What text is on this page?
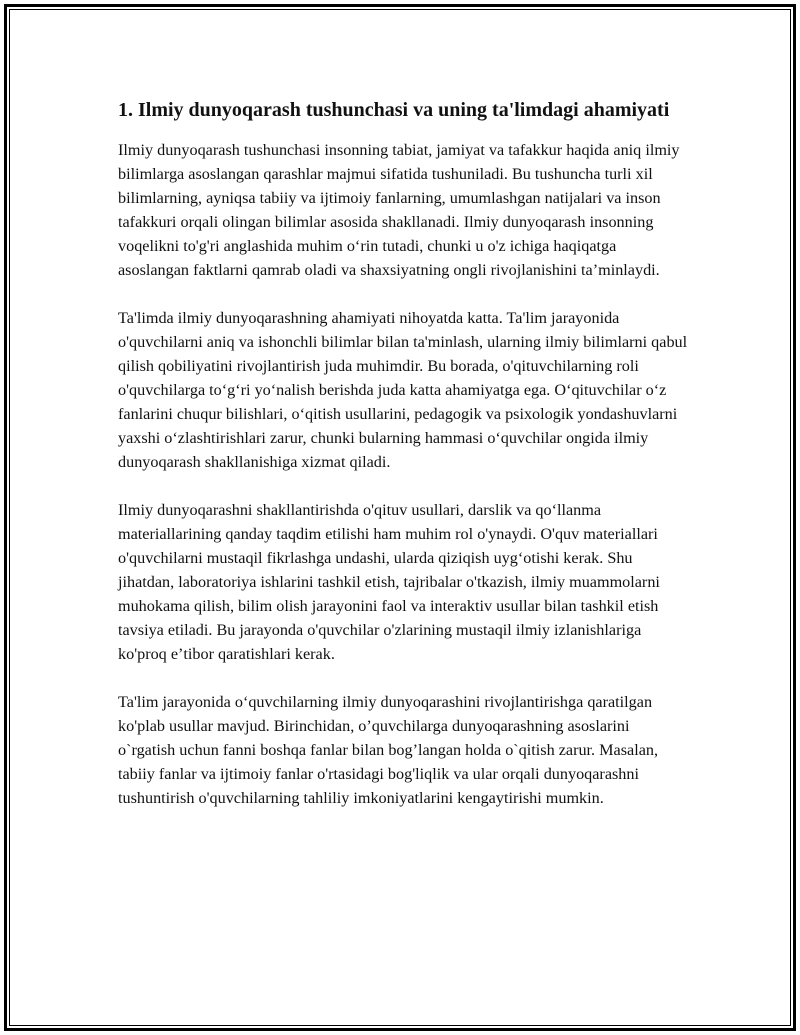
1. Ilmiy dunyoqarash tushunchasi va uning ta'limdagi ahamiyati

Ilmiy dunyoqarash tushunchasi insonning tabiat, jamiyat va tafakkur haqida aniq ilmiy bilimlarga asoslangan qarashlar majmui sifatida tushuniladi. Bu tushuncha turli xil bilimlarning, ayniqsa tabiiy va ijtimoiy fanlarning, umumlashgan natijalari va inson tafakkuri orqali olingan bilimlar asosida shakllanadi. Ilmiy dunyoqarash insonning voqelikni to'g'ri anglashida muhim oʻrin tutadi, chunki u o'z ichiga haqiqatga asoslangan faktlarni qamrab oladi va shaxsiyatning ongli rivojlanishini taʼminlaydi.

Ta'limda ilmiy dunyoqarashning ahamiyati nihoyatda katta. Ta'lim jarayonida o'quvchilarni aniq va ishonchli bilimlar bilan ta'minlash, ularning ilmiy bilimlarni qabul qilish qobiliyatini rivojlantirish juda muhimdir. Bu borada, o'qituvchilarning roli o'quvchilarga toʻgʻri yoʻnalish berishda juda katta ahamiyatga ega. Oʻqituvchilar oʻz fanlarini chuqur bilishlari, oʻqitish usullarini, pedagogik va psixologik yondashuvlarni yaxshi oʻzlashtirishlari zarur, chunki bularning hammasi oʻquvchilar ongida ilmiy dunyoqarash shakllanishiga xizmat qiladi.

Ilmiy dunyoqarashni shakllantirishda o'qituv usullari, darslik va qoʻllanma materiallarining qanday taqdim etilishi ham muhim rol o'ynaydi. O'quv materiallari o'quvchilarni mustaqil fikrlashga undashi, ularda qiziqish uygʻotishi kerak. Shu jihatdan, laboratoriya ishlarini tashkil etish, tajribalar o'tkazish, ilmiy muammolarni muhokama qilish, bilim olish jarayonini faol va interaktiv usullar bilan tashkil etish tavsiya etiladi. Bu jarayonda o'quvchilar o'zlarining mustaqil ilmiy izlanishlariga ko'proq eʼtibor qaratishlari kerak.

Ta'lim jarayonida oʻquvchilarning ilmiy dunyoqarashini rivojlantirishga qaratilgan ko'plab usullar mavjud. Birinchidan, oʼquvchilarga dunyoqarashning asoslarini o`rgatish uchun fanni boshqa fanlar bilan bogʼlangan holda o`qitish zarur. Masalan, tabiiy fanlar va ijtimoiy fanlar o'rtasidagi bog'liqlik va ular orqali dunyoqarashni tushuntirish o'quvchilarning tahliliy imkoniyatlarini kengaytirishi mumkin.
